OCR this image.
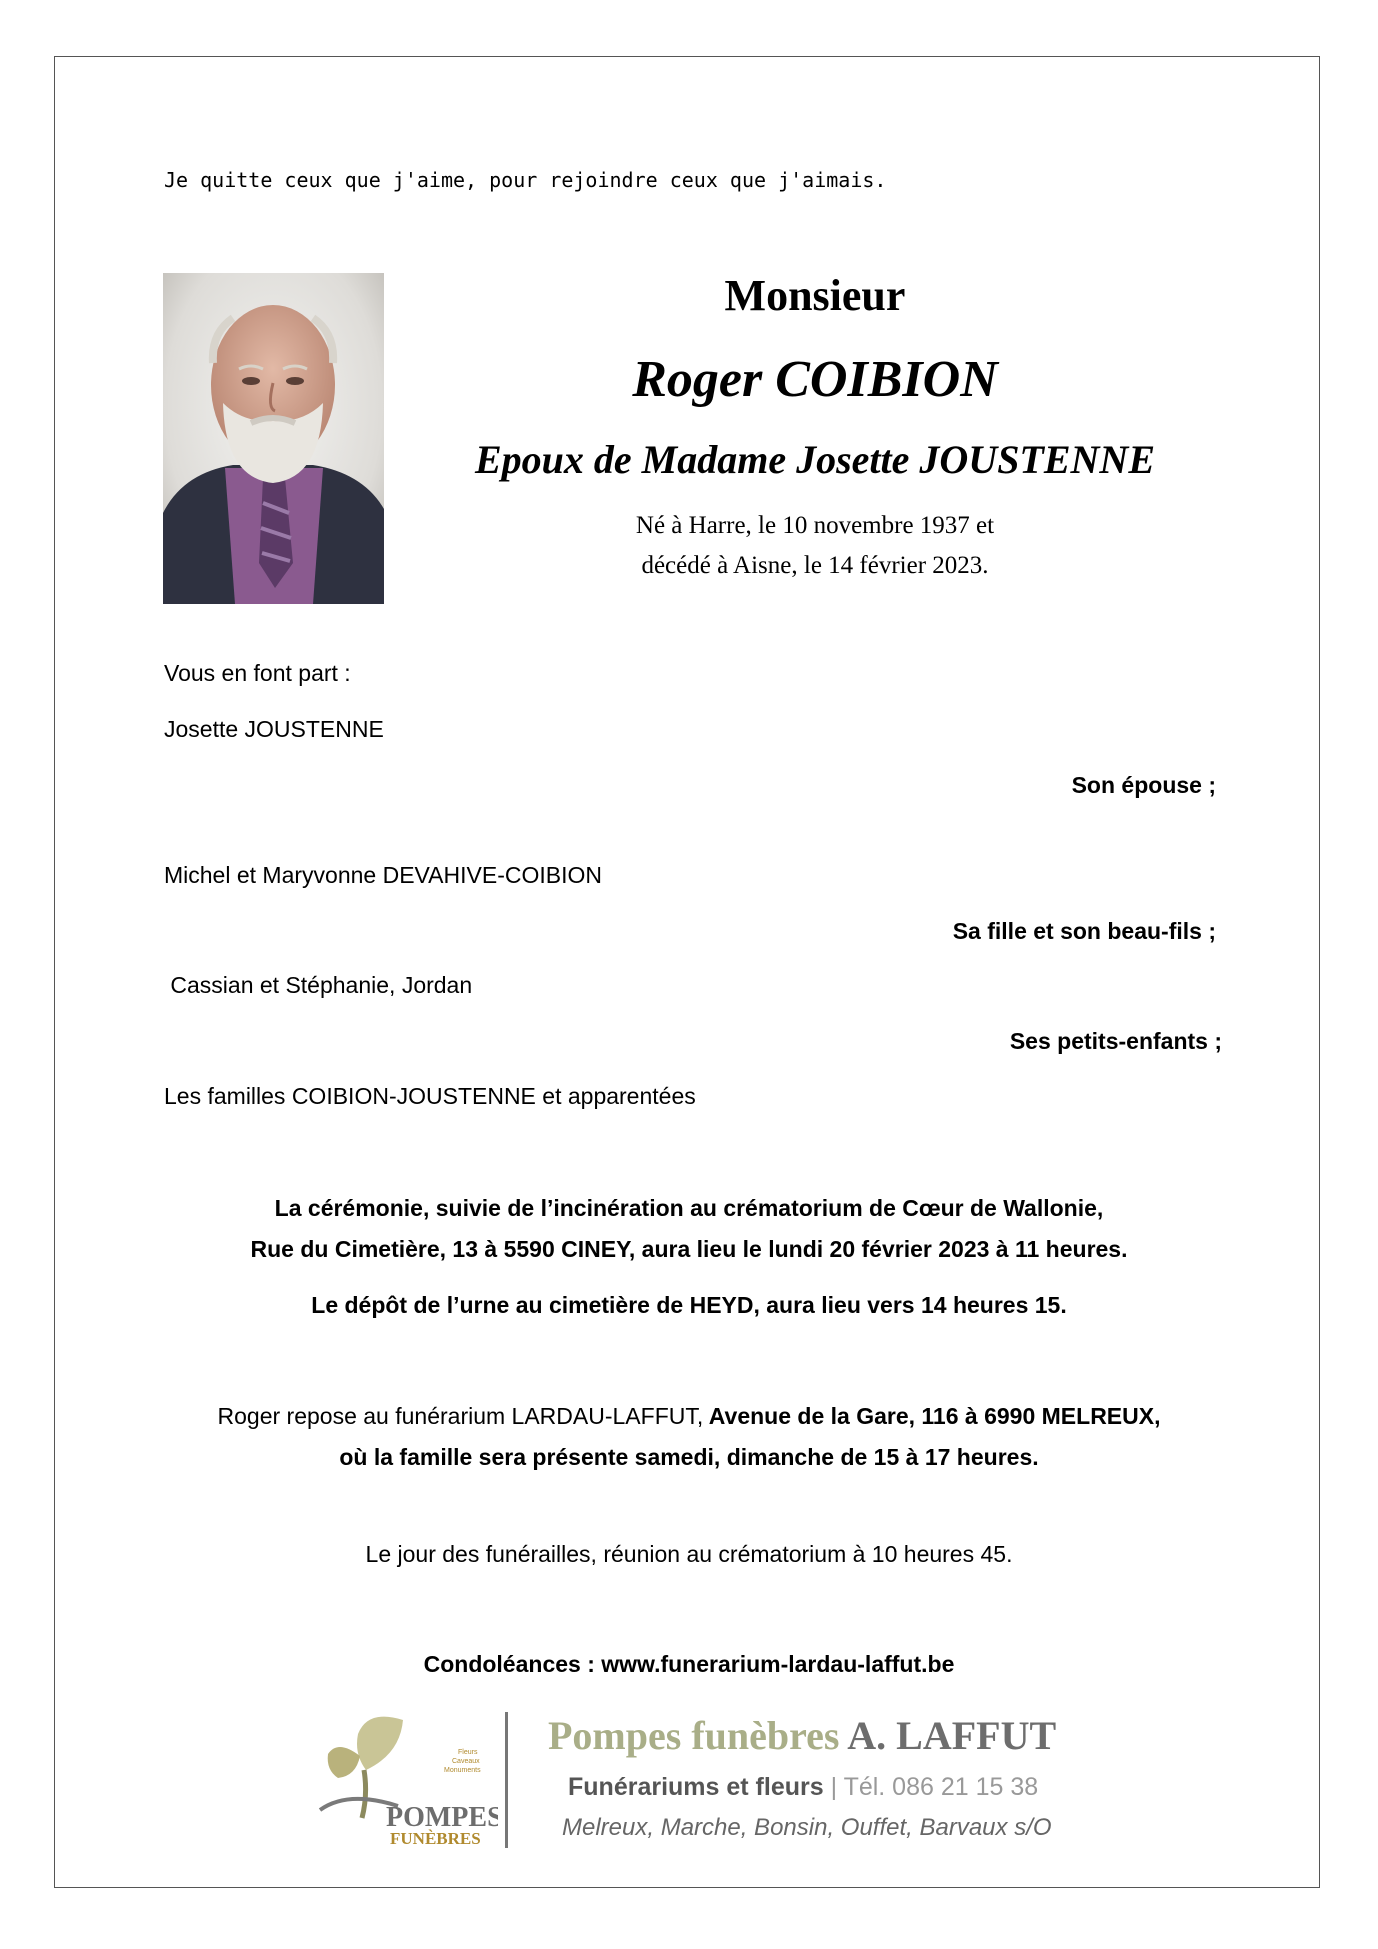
Je quitte ceux que j'aime, pour rejoindre ceux que j'aimais.
Monsieur
Roger COIBION
Epoux de Madame Josette JOUSTENNE
Né à Harre, le 10 novembre 1937 et
décédé à Aisne, le 14 février 2023.
Vous en font part :
Josette JOUSTENNE
Son épouse ;
Michel et Maryvonne DEVAHIVE-COIBION
Sa fille et son beau-fils ;
Cassian et Stéphanie, Jordan
Ses petits-enfants ;
Les familles COIBION-JOUSTENNE et apparentées
La cérémonie, suivie de l’incinération au crématorium de Cœur de Wallonie,
Rue du Cimetière, 13 à 5590 CINEY, aura lieu le lundi 20 février 2023 à 11 heures.
Le dépôt de l’urne au cimetière de HEYD, aura lieu vers 14 heures 15.
Roger repose au funérarium LARDAU-LAFFUT, Avenue de la Gare, 116 à 6990 MELREUX,
où la famille sera présente samedi, dimanche de 15 à 17 heures.
Le jour des funérailles, réunion au crématorium à 10 heures 45.
Condoléances : www.funerarium-lardau-laffut.be
POMPES
FUNÈBRES
Fleurs
Caveaux
Monuments
Pompes funèbres A. LAFFUT
Funérariums et fleurs | Tél. 086 21 15 38
Melreux, Marche, Bonsin, Ouffet, Barvaux s/O
